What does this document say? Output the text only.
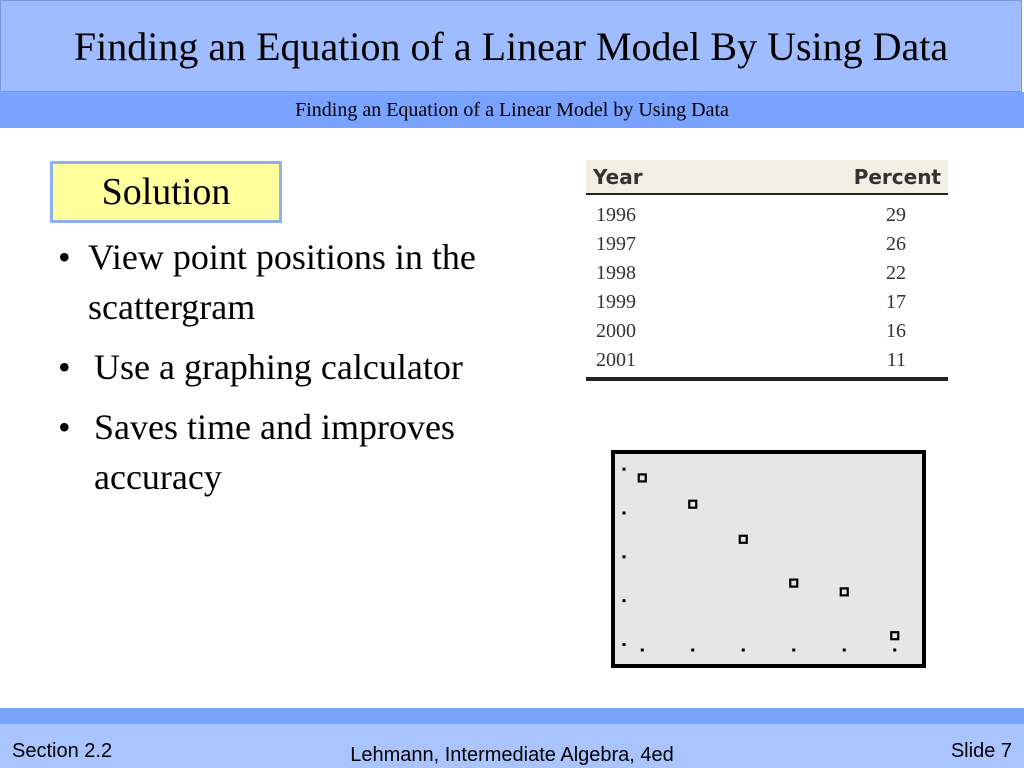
Finding an Equation of a Linear Model By Using Data
Finding an Equation of a Linear Model by Using Data
Solution
• View point positions in the scattergram
• Use a graphing calculator
• Saves time and improves accuracy
Year	Percent
1996	29
1997	26
1998	22
1999	17
2000	16
2001	11
Section 2.2	Lehmann, Intermediate Algebra, 4ed	Slide 7
